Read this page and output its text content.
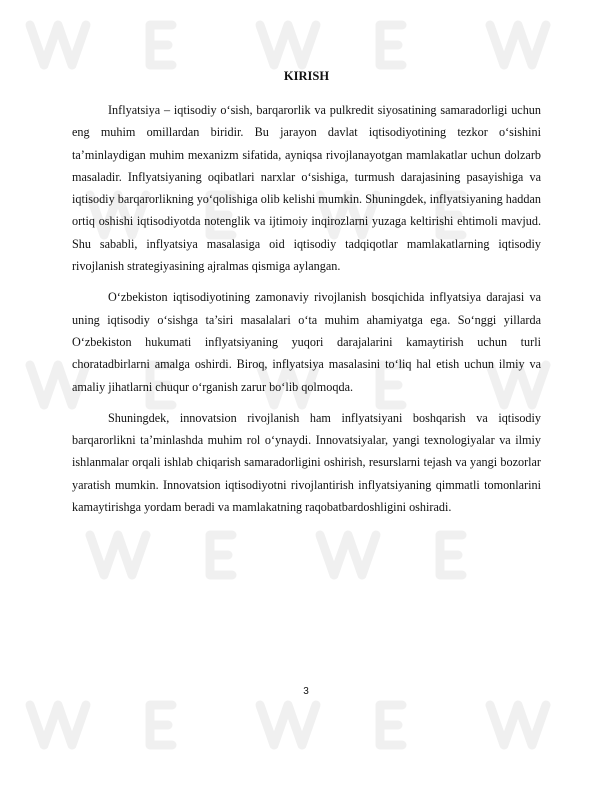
KIRISH

Inflyatsiya – iqtisodiy o‘sish, barqarorlik va pulkredit siyosatining samaradorligi uchun eng muhim omillardan biridir. Bu jarayon davlat iqtisodiyotining tezkor o‘sishini ta’minlaydigan muhim mexanizm sifatida, ayniqsa rivojlanayotgan mamlakatlar uchun dolzarb masaladir. Inflyatsiyaning oqibatlari narxlar o‘sishiga, turmush darajasining pasayishiga va iqtisodiy barqarorlikning yo‘qolishiga olib kelishi mumkin. Shuningdek, inflyatsiyaning haddan ortiq oshishi iqtisodiyotda notenglik va ijtimoiy inqirozlarni yuzaga keltirishi ehtimoli mavjud. Shu sababli, inflyatsiya masalasiga oid iqtisodiy tadqiqotlar mamlakatlarning iqtisodiy rivojlanish strategiyasining ajralmas qismiga aylangan.

O‘zbekiston iqtisodiyotining zamonaviy rivojlanish bosqichida inflyatsiya darajasi va uning iqtisodiy o‘sishga ta’siri masalalari o‘ta muhim ahamiyatga ega. So‘nggi yillarda O‘zbekiston hukumati inflyatsiyaning yuqori darajalarini kamaytirish uchun turli choratadbirlarni amalga oshirdi. Biroq, inflyatsiya masalasini to‘liq hal etish uchun ilmiy va amaliy jihatlarni chuqur o‘rganish zarur bo‘lib qolmoqda.

Shuningdek, innovatsion rivojlanish ham inflyatsiyani boshqarish va iqtisodiy barqarorlikni ta’minlashda muhim rol o‘ynaydi. Innovatsiyalar, yangi texnologiyalar va ilmiy ishlanmalar orqali ishlab chiqarish samaradorligini oshirish, resurslarni tejash va yangi bozorlar yaratish mumkin. Innovatsion iqtisodiyotni rivojlantirish inflyatsiyaning qimmatli tomonlarini kamaytirishga yordam beradi va mamlakatning raqobatbardoshligini oshiradi.

3
